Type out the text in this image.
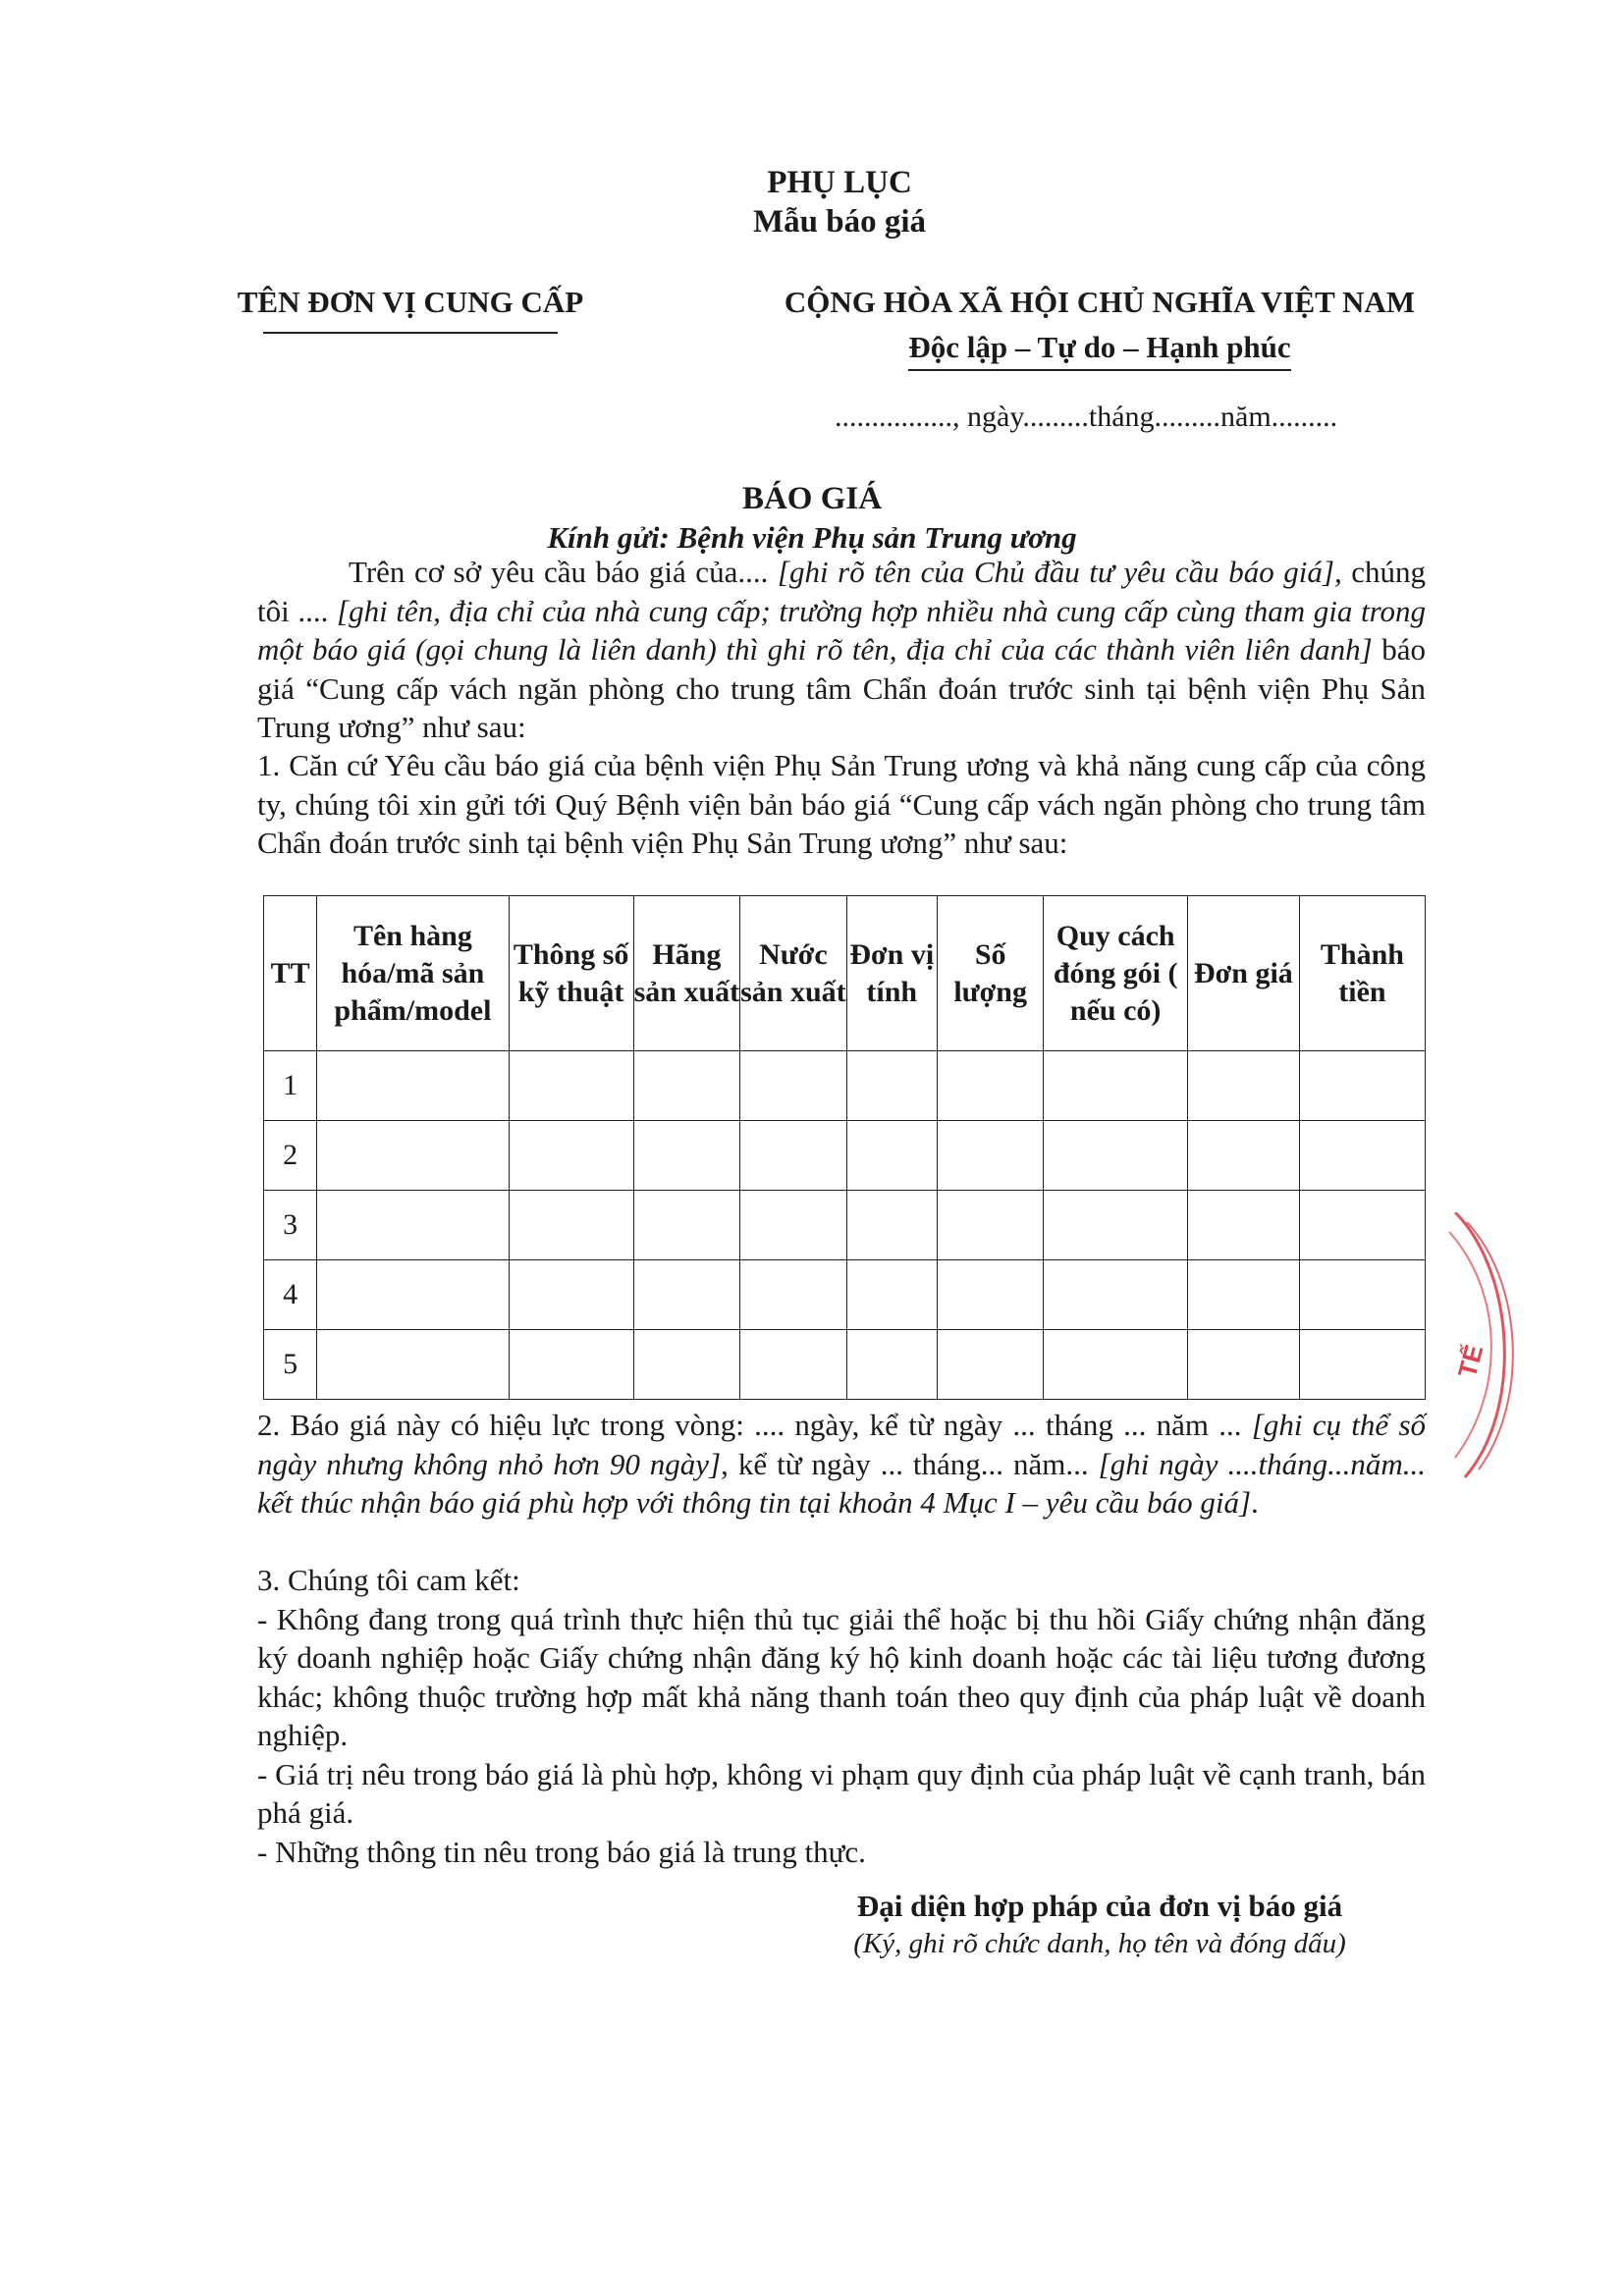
PHỤ LỤC
Mẫu báo giá
TÊN ĐƠN VỊ CUNG CẤP	CỘNG HÒA XÃ HỘI CHỦ NGHĨA VIỆT NAM
Độc lập – Tự do – Hạnh phúc
................, ngày.........tháng.........năm.........
BÁO GIÁ
Kính gửi: Bệnh viện Phụ sản Trung ương
Trên cơ sở yêu cầu báo giá của.... [ghi rõ tên của Chủ đầu tư yêu cầu báo giá], chúng tôi .... [ghi tên, địa chỉ của nhà cung cấp; trường hợp nhiều nhà cung cấp cùng tham gia trong một báo giá (gọi chung là liên danh) thì ghi rõ tên, địa chỉ của các thành viên liên danh] báo giá “Cung cấp vách ngăn phòng cho trung tâm Chẩn đoán trước sinh tại bệnh viện Phụ Sản Trung ương” như sau:
1. Căn cứ Yêu cầu báo giá của bệnh viện Phụ Sản Trung ương và khả năng cung cấp của công ty, chúng tôi xin gửi tới Quý Bệnh viện bản báo giá “Cung cấp vách ngăn phòng cho trung tâm Chẩn đoán trước sinh tại bệnh viện Phụ Sản Trung ương” như sau:
TT	Tên hàng hóa/mã sản phẩm/model	Thông số kỹ thuật	Hãng sản xuất	Nước sản xuất	Đơn vị tính	Số lượng	Quy cách đóng gói ( nếu có)	Đơn giá	Thành tiền
1									
2									
3									
4									
5									
2. Báo giá này có hiệu lực trong vòng: .... ngày, kể từ ngày ... tháng ... năm ... [ghi cụ thể số ngày nhưng không nhỏ hơn 90 ngày], kể từ ngày ... tháng... năm... [ghi ngày ....tháng...năm... kết thúc nhận báo giá phù hợp với thông tin tại khoản 4 Mục I – yêu cầu báo giá].
3. Chúng tôi cam kết:
- Không đang trong quá trình thực hiện thủ tục giải thể hoặc bị thu hồi Giấy chứng nhận đăng ký doanh nghiệp hoặc Giấy chứng nhận đăng ký hộ kinh doanh hoặc các tài liệu tương đương khác; không thuộc trường hợp mất khả năng thanh toán theo quy định của pháp luật về doanh nghiệp.
- Giá trị nêu trong báo giá là phù hợp, không vi phạm quy định của pháp luật về cạnh tranh, bán phá giá.
- Những thông tin nêu trong báo giá là trung thực.
Đại diện hợp pháp của đơn vị báo giá
(Ký, ghi rõ chức danh, họ tên và đóng dấu)
TẾ
